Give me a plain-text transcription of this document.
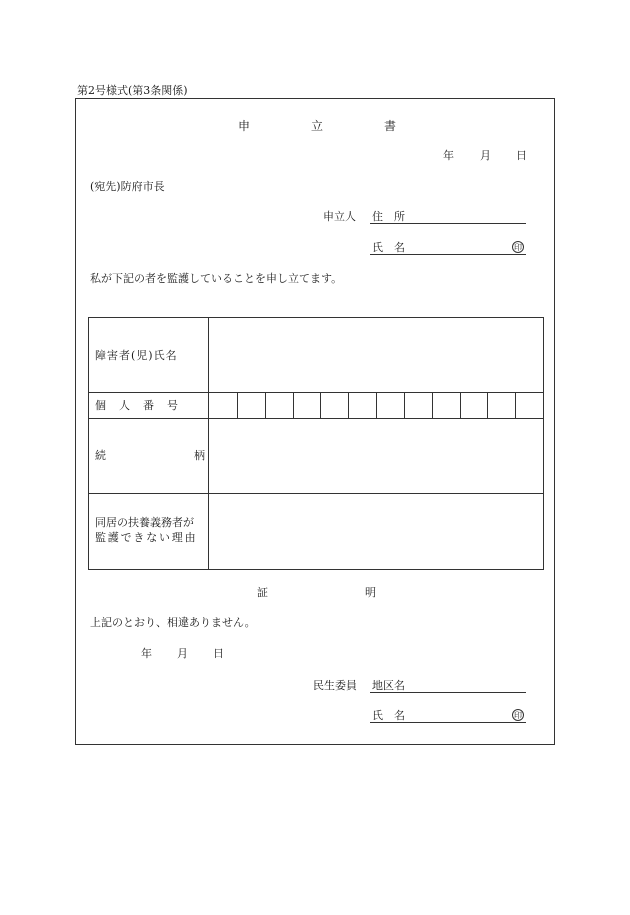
第2号様式(第3条関係)
申	立	書
年 月 日
(宛先)防府市長
申立人 住　所
氏　名	印
私が下記の者を監護していることを申し立てます。
障害者(児)氏名
個人番号
続柄
同居の扶養義務者が
監護できない理由
証	明
上記のとおり、相違ありません。
年 月 日
民生委員 地区名
氏　名	印
